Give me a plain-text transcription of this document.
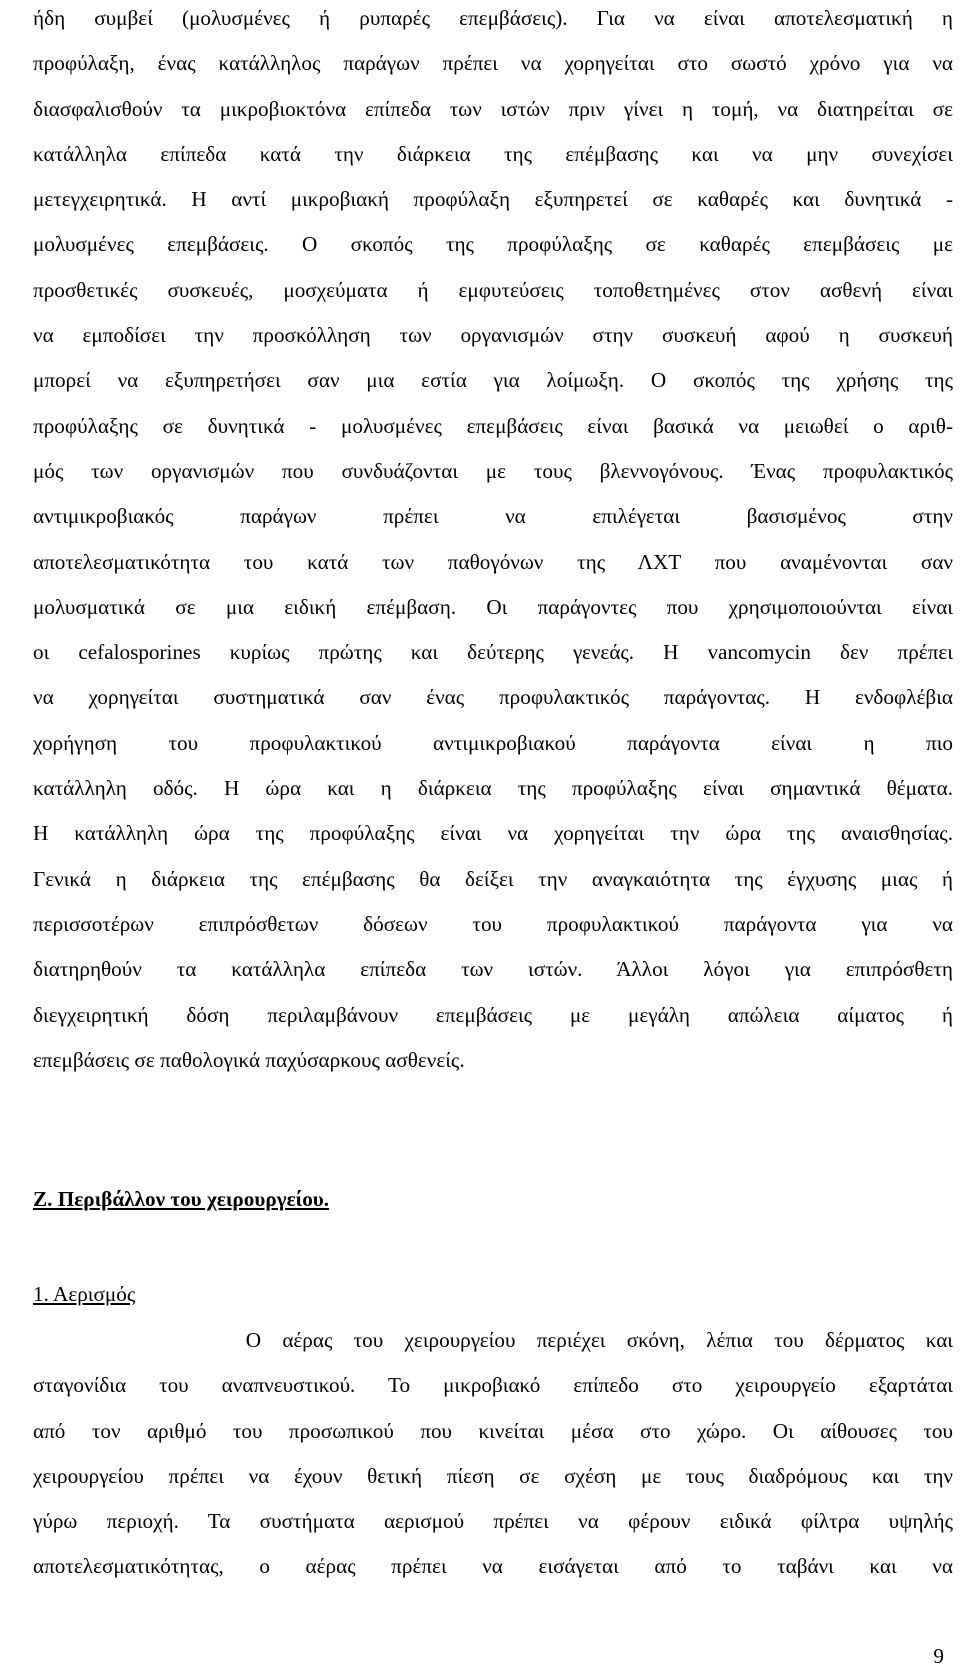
ήδη συμβεί (μολυσμένες ή ρυπαρές επεμβάσεις). Για να είναι αποτελεσματική η
προφύλαξη, ένας κατάλληλος παράγων πρέπει να χορηγείται στο σωστό χρόνο για να
διασφαλισθούν τα μικροβιοκτόνα επίπεδα των ιστών πριν γίνει η τομή, να διατηρείται σε
κατάλληλα επίπεδα κατά την διάρκεια της επέμβασης και να μην συνεχίσει
μετεγχειρητικά. Η αντί μικροβιακή προφύλαξη εξυπηρετεί σε καθαρές και δυνητικά -
μολυσμένες επεμβάσεις. Ο σκοπός της προφύλαξης σε καθαρές επεμβάσεις με
προσθετικές συσκευές, μοσχεύματα ή εμφυτεύσεις τοποθετημένες στον ασθενή είναι
να εμποδίσει την προσκόλληση των οργανισμών στην συσκευή αφού η συσκευή
μπορεί να εξυπηρετήσει σαν μια εστία για λοίμωξη. Ο σκοπός της χρήσης της
προφύλαξης σε δυνητικά - μολυσμένες επεμβάσεις είναι βασικά να μειωθεί ο αριθ-
μός των οργανισμών που συνδυάζονται με τους βλεννογόνους. Ένας προφυλακτικός
αντιμικροβιακός παράγων πρέπει να επιλέγεται βασισμένος στην
αποτελεσματικότητα του κατά των παθογόνων της ΛΧΤ που αναμένονται σαν
μολυσματικά σε μια ειδική επέμβαση. Οι παράγοντες που χρησιμοποιούνται είναι
οι cefalosporines κυρίως πρώτης και δεύτερης γενεάς. Η vancomycin δεν πρέπει
να χορηγείται συστηματικά σαν ένας προφυλακτικός παράγοντας. Η ενδοφλέβια
χορήγηση του προφυλακτικού αντιμικροβιακού παράγοντα είναι η πιο
κατάλληλη οδός. Η ώρα και η διάρκεια της προφύλαξης είναι σημαντικά θέματα.
Η κατάλληλη ώρα της προφύλαξης είναι να χορηγείται την ώρα της αναισθησίας.
Γενικά η διάρκεια της επέμβασης θα δείξει την αναγκαιότητα της έγχυσης μιας ή
περισσοτέρων επιπρόσθετων δόσεων του προφυλακτικού παράγοντα για να
διατηρηθούν τα κατάλληλα επίπεδα των ιστών. Άλλοι λόγοι για επιπρόσθετη
διεγχειρητική δόση περιλαμβάνουν επεμβάσεις με μεγάλη απώλεια αίματος ή
επεμβάσεις σε παθολογικά παχύσαρκους ασθενείς.
Ζ. Περιβάλλον του χειρουργείου.
1. Αερισμός
Ο αέρας του χειρουργείου περιέχει σκόνη, λέπια του δέρματος και
σταγονίδια του αναπνευστικού. Το μικροβιακό επίπεδο στο χειρουργείο εξαρτάται
από τον αριθμό του προσωπικού που κινείται μέσα στο χώρο. Οι αίθουσες του
χειρουργείου πρέπει να έχουν θετική πίεση σε σχέση με τους διαδρόμους και την
γύρω περιοχή. Τα συστήματα αερισμού πρέπει να φέρουν ειδικά φίλτρα υψηλής
αποτελεσματικότητας, ο αέρας πρέπει να εισάγεται από το ταβάνι και να
9
